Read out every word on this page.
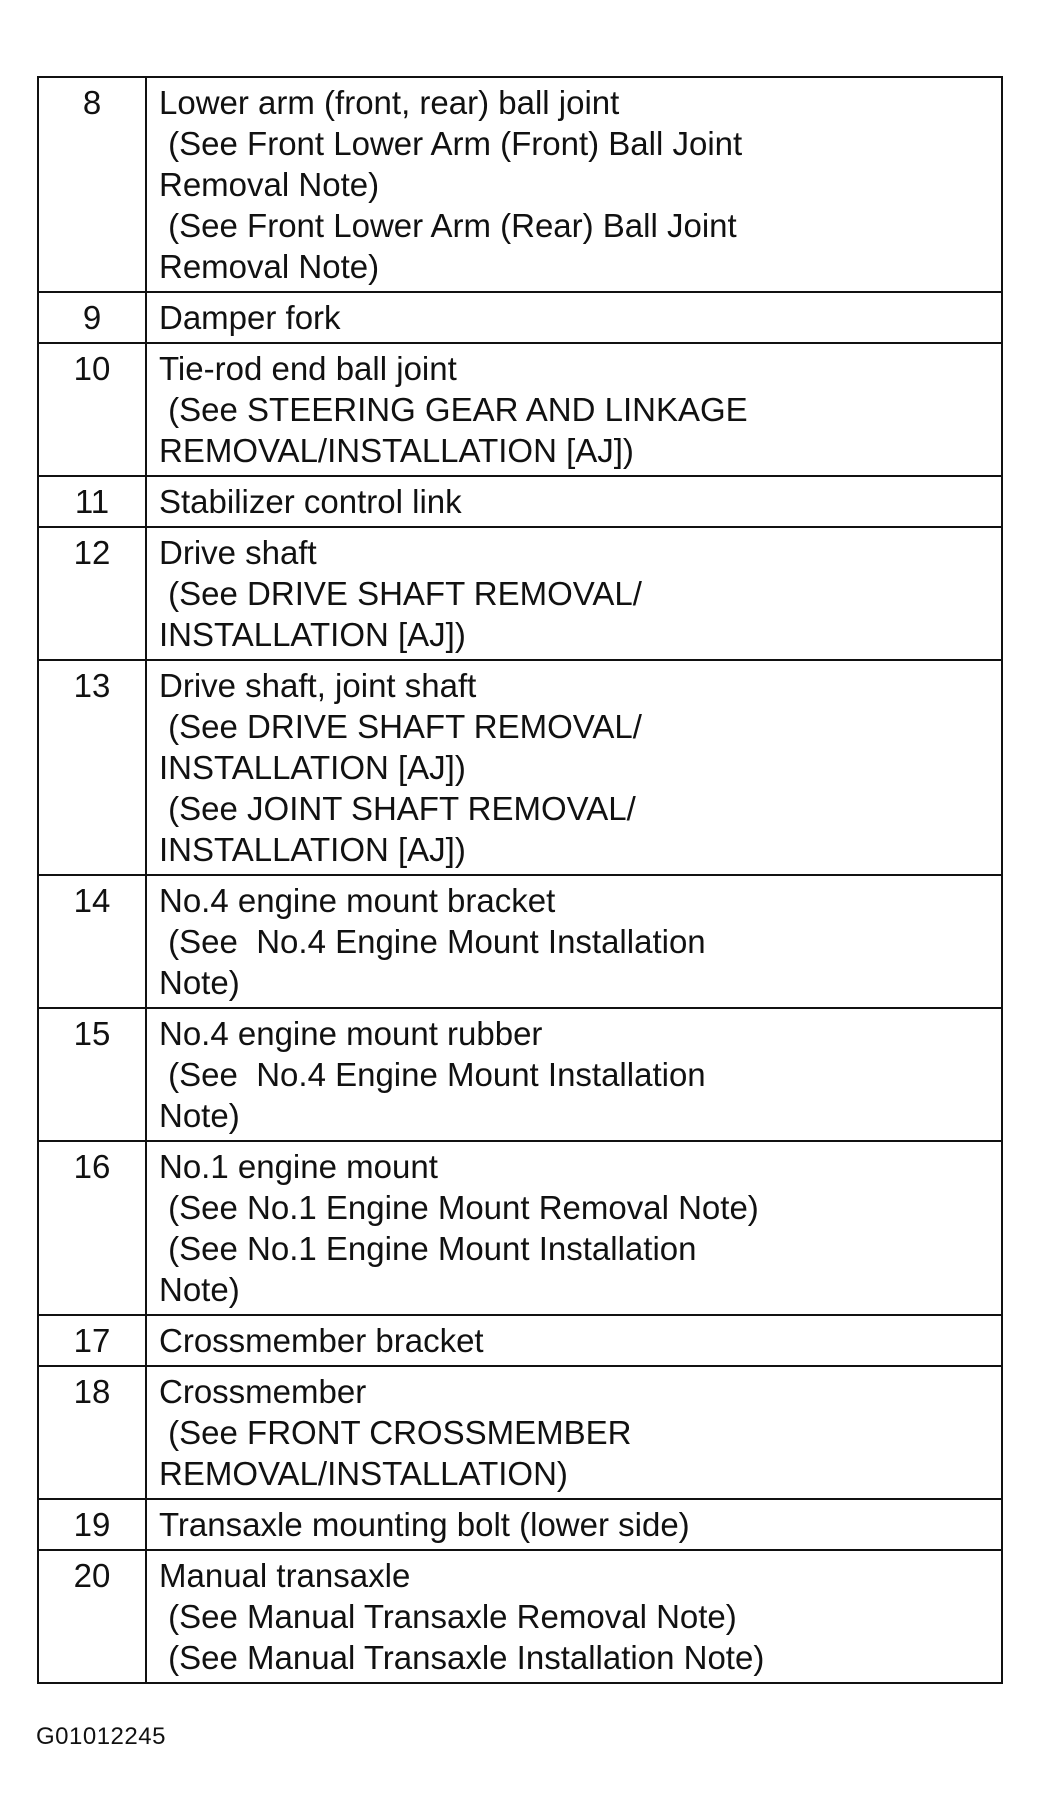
8	Lower arm (front, rear) ball joint
(See Front Lower Arm (Front) Ball Joint
Removal Note)
(See Front Lower Arm (Rear) Ball Joint
Removal Note)

9	Damper fork

10	Tie-rod end ball joint
(See STEERING GEAR AND LINKAGE
REMOVAL/INSTALLATION [AJ])

11	Stabilizer control link

12	Drive shaft
(See DRIVE SHAFT REMOVAL/
INSTALLATION [AJ])

13	Drive shaft, joint shaft
(See DRIVE SHAFT REMOVAL/
INSTALLATION [AJ])
(See JOINT SHAFT REMOVAL/
INSTALLATION [AJ])

14	No.4 engine mount bracket
(See  No.4 Engine Mount Installation
Note)

15	No.4 engine mount rubber
(See  No.4 Engine Mount Installation
Note)

16	No.1 engine mount
(See No.1 Engine Mount Removal Note)
(See No.1 Engine Mount Installation
Note)

17	Crossmember bracket

18	Crossmember
(See FRONT CROSSMEMBER
REMOVAL/INSTALLATION)

19	Transaxle mounting bolt (lower side)

20	Manual transaxle
(See Manual Transaxle Removal Note)
(See Manual Transaxle Installation Note)
G01012245
